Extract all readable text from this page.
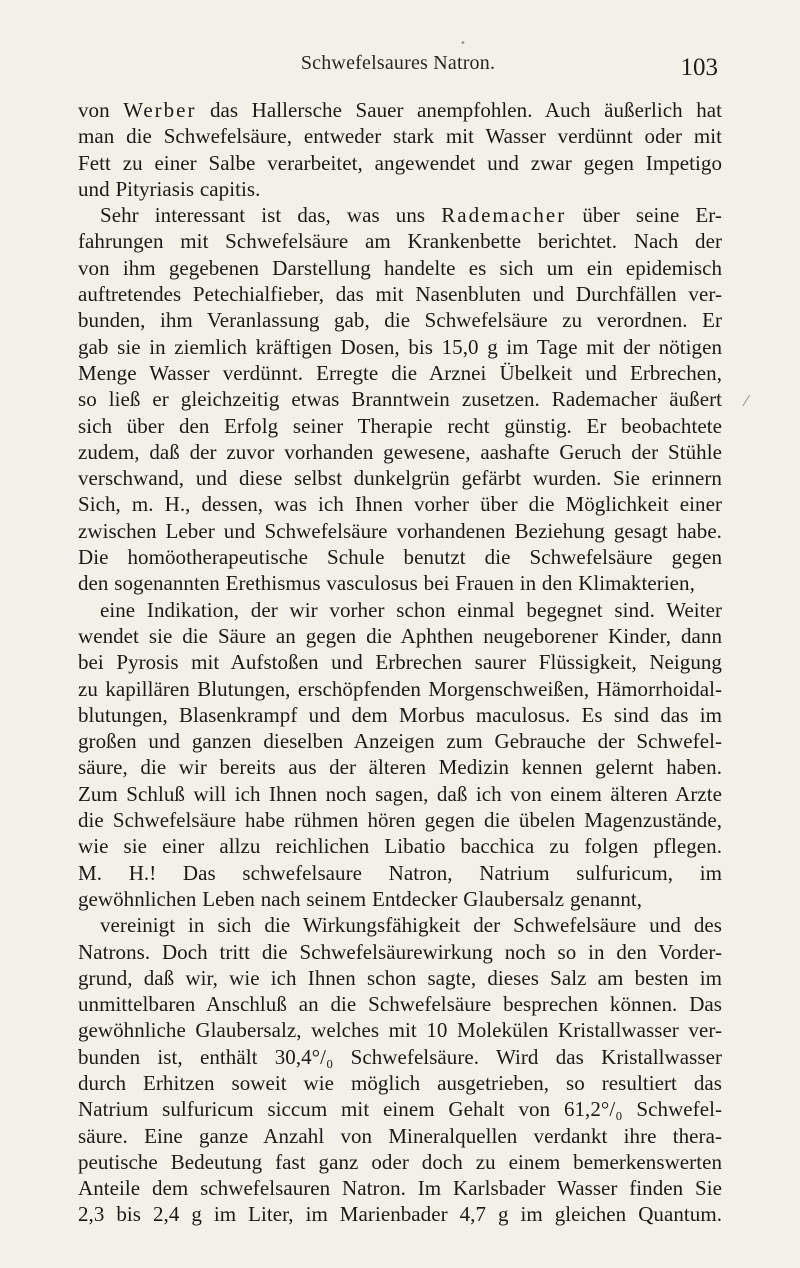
Schwefelsaures Natron.	103
•
⁄
von Werber das Hallersche Sauer anempfohlen. Auch äußerlich hat
man die Schwefelsäure, entweder stark mit Wasser verdünnt oder mit
Fett zu einer Salbe verarbeitet, angewendet und zwar gegen Impetigo
und Pityriasis capitis.
Sehr interessant ist das, was uns Rademacher über seine Er-
fahrungen mit Schwefelsäure am Krankenbette berichtet. Nach der
von ihm gegebenen Darstellung handelte es sich um ein epidemisch
auftretendes Petechialfieber, das mit Nasenbluten und Durchfällen ver-
bunden, ihm Veranlassung gab, die Schwefelsäure zu verordnen. Er
gab sie in ziemlich kräftigen Dosen, bis 15,0 g im Tage mit der nötigen
Menge Wasser verdünnt. Erregte die Arznei Übelkeit und Erbrechen,
so ließ er gleichzeitig etwas Branntwein zusetzen. Rademacher äußert
sich über den Erfolg seiner Therapie recht günstig. Er beobachtete
zudem, daß der zuvor vorhanden gewesene, aashafte Geruch der Stühle
verschwand, und diese selbst dunkelgrün gefärbt wurden. Sie erinnern
Sich, m. H., dessen, was ich Ihnen vorher über die Möglichkeit einer
zwischen Leber und Schwefelsäure vorhandenen Beziehung gesagt habe.
Die homöotherapeutische Schule benutzt die Schwefelsäure gegen
den sogenannten Erethismus vasculosus bei Frauen in den Klimakterien,
eine Indikation, der wir vorher schon einmal begegnet sind. Weiter
wendet sie die Säure an gegen die Aphthen neugeborener Kinder, dann
bei Pyrosis mit Aufstoßen und Erbrechen saurer Flüssigkeit, Neigung
zu kapillären Blutungen, erschöpfenden Morgenschweißen, Hämorrhoidal-
blutungen, Blasenkrampf und dem Morbus maculosus. Es sind das im
großen und ganzen dieselben Anzeigen zum Gebrauche der Schwefel-
säure, die wir bereits aus der älteren Medizin kennen gelernt haben.
Zum Schluß will ich Ihnen noch sagen, daß ich von einem älteren Arzte
die Schwefelsäure habe rühmen hören gegen die übelen Magenzustände,
wie sie einer allzu reichlichen Libatio bacchica zu folgen pflegen.
M. H.! Das schwefelsaure Natron, Natrium sulfuricum, im
gewöhnlichen Leben nach seinem Entdecker Glaubersalz genannt,
vereinigt in sich die Wirkungsfähigkeit der Schwefelsäure und des
Natrons. Doch tritt die Schwefelsäurewirkung noch so in den Vorder-
grund, daß wir, wie ich Ihnen schon sagte, dieses Salz am besten im
unmittelbaren Anschluß an die Schwefelsäure besprechen können. Das
gewöhnliche Glaubersalz, welches mit 10 Molekülen Kristallwasser ver-
bunden ist, enthält 30,4°/₀ Schwefelsäure. Wird das Kristallwasser
durch Erhitzen soweit wie möglich ausgetrieben, so resultiert das
Natrium sulfuricum siccum mit einem Gehalt von 61,2°/₀ Schwefel-
säure. Eine ganze Anzahl von Mineralquellen verdankt ihre thera-
peutische Bedeutung fast ganz oder doch zu einem bemerkenswerten
Anteile dem schwefelsauren Natron. Im Karlsbader Wasser finden Sie
2,3 bis 2,4 g im Liter, im Marienbader 4,7 g im gleichen Quantum.
